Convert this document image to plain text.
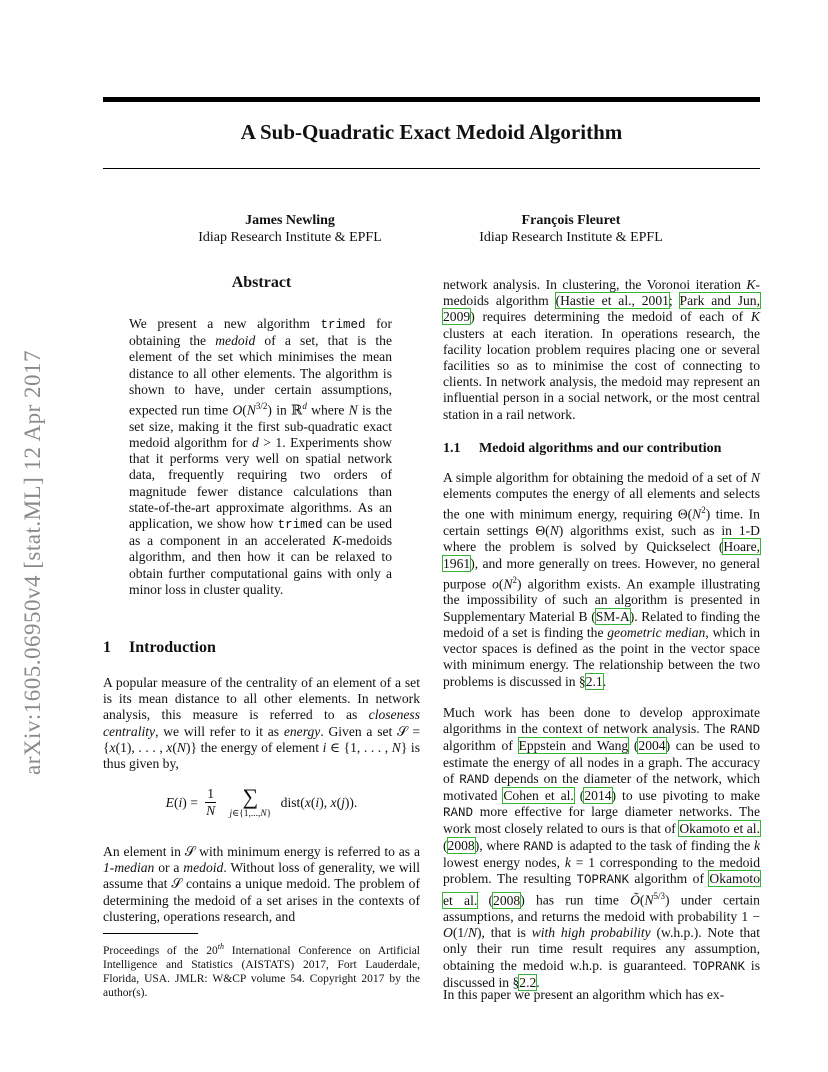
arXiv:1605.06950v4 [stat.ML] 12 Apr 2017
A Sub-Quadratic Exact Medoid Algorithm
James Newling
Idiap Research Institute & EPFL
François Fleuret
Idiap Research Institute & EPFL
Abstract

We present a new algorithm trimed for obtaining the medoid of a set, that is the element of the set which minimises the mean distance to all other elements. The algorithm is shown to have, under certain assumptions, expected run time $O(N^{3/2})$ in ℝ$^d$ where N is the set size, making it the first sub-quadratic exact medoid algorithm for d > 1. Experiments show that it performs very well on spatial network data, frequently requiring two orders of magnitude fewer distance calculations than state-of-the-art approximate algorithms. As an application, we show how trimed can be used as a component in an accelerated K-medoids algorithm, and then how it can be relaxed to obtain further computational gains with only a minor loss in cluster quality.

1 Introduction

A popular measure of the centrality of an element of a set is its mean distance to all other elements. In network analysis, this measure is referred to as closeness centrality, we will refer to it as energy. Given a set 𝒮 = {x(1), . . . , x(N)} the energy of element i ∈ {1, . . . , N} is thus given by,

$E(i) = \frac{1}{N}$
	∑
j∈{1,...,N}
dist(x(i), x(j)).

An element in 𝒮 with minimum energy is referred to as a 1-median or a medoid. Without loss of generality, we will assume that 𝒮 contains a unique medoid. The problem of determining the medoid of a set arises in the contexts of clustering, operations research, and

Proceedings of the 20th International Conference on Artificial Intelligence and Statistics (AISTATS) 2017, Fort Lauderdale, Florida, USA. JMLR: W&CP volume 54. Copyright 2017 by the author(s).

network analysis. In clustering, the Voronoi iteration K-medoids algorithm (Hastie et al., 2001; Park and Jun, 2009) requires determining the medoid of each of K clusters at each iteration. In operations research, the facility location problem requires placing one or several facilities so as to minimise the cost of connecting to clients. In network analysis, the medoid may represent an influential person in a social network, or the most central station in a rail network.

1.1 Medoid algorithms and our contribution

A simple algorithm for obtaining the medoid of a set of N elements computes the energy of all elements and selects the one with minimum energy, requiring $\Theta(N^2)$ time. In certain settings Θ(N) algorithms exist, such as in 1-D where the problem is solved by Quickselect (Hoare, 1961), and more generally on trees. However, no general purpose $o(N^2)$ algorithm exists. An example illustrating the impossibility of such an algorithm is presented in Supplementary Material B (SM-A). Related to finding the medoid of a set is finding the geometric median, which in vector spaces is defined as the point in the vector space with minimum energy. The relationship between the two problems is discussed in §2.1.

Much work has been done to develop approximate algorithms in the context of network analysis. The RAND algorithm of Eppstein and Wang (2004) can be used to estimate the energy of all nodes in a graph. The accuracy of RAND depends on the diameter of the network, which motivated Cohen et al. (2014) to use pivoting to make RAND more effective for large diameter networks. The work most closely related to ours is that of Okamoto et al. (2008), where RAND is adapted to the task of finding the k lowest energy nodes, k = 1 corresponding to the medoid problem. The resulting TOPRANK algorithm of Okamoto et al. (2008) has run time $Õ(N^{5/3})$ under certain assumptions, and returns the medoid with probability 1 − O(1/N), that is with high probability (w.h.p.). Note that only their run time result requires any assumption, obtaining the medoid w.h.p. is guaranteed. TOPRANK is discussed in §2.2.

In this paper we present an algorithm which has ex-
